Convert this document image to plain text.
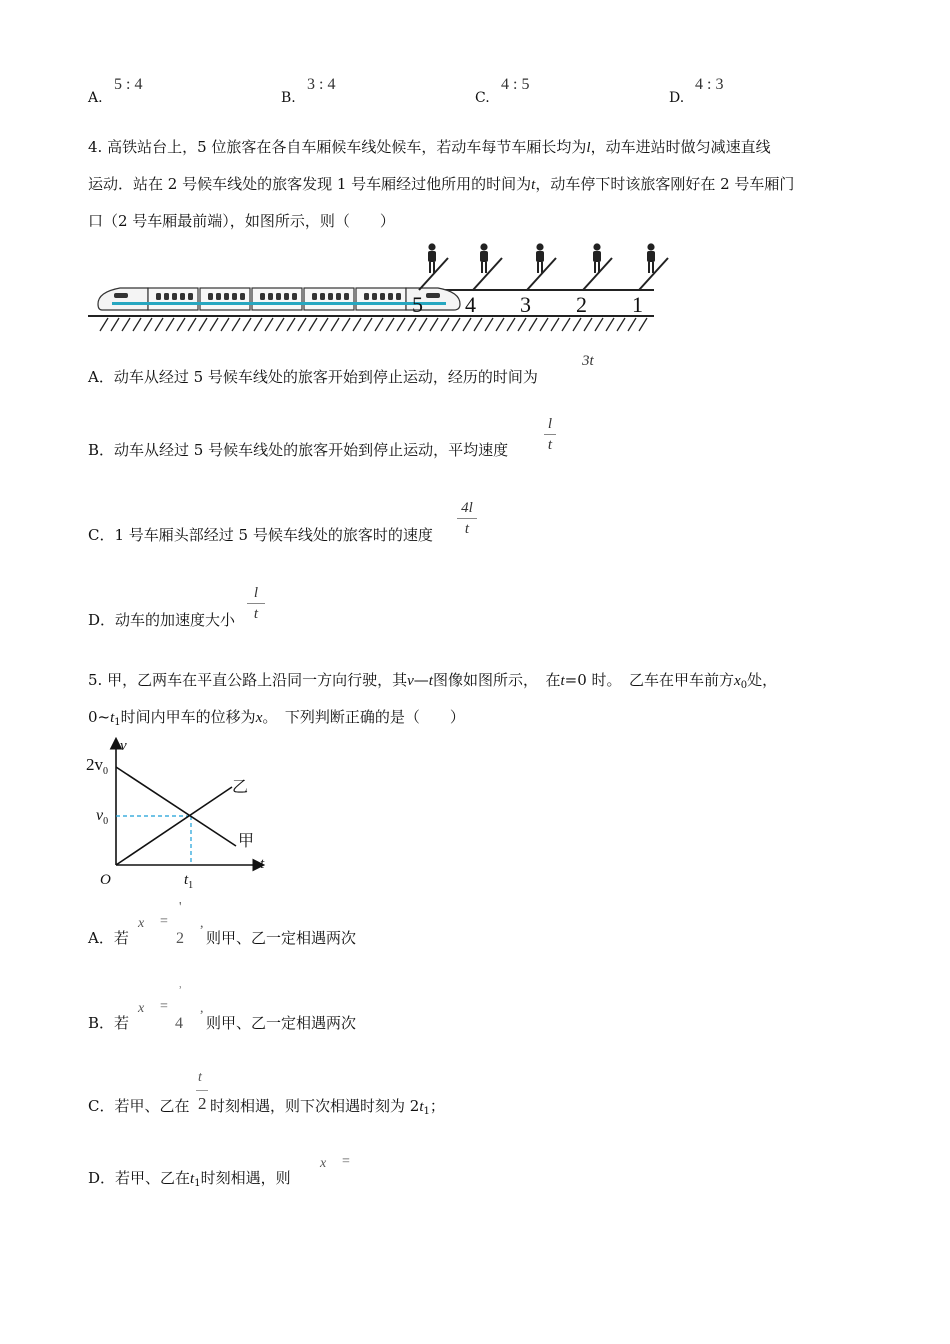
A.
5 : 4
B.
3 : 4
C.
4 : 5
D.
4 : 3
4. 高铁站台上，5 位旅客在各自车厢候车线处候车，若动车每节车厢长均为l，动车进站时做匀减速直线
运动．站在 2 号候车线处的旅客发现 1 号车厢经过他所用的时间为t，动车停下时该旅客刚好在 2 号车厢门
口（2 号车厢最前端），如图所示，则（　　）
5 4 3 2 1
A．动车从经过 5 号候车线处的旅客开始到停止运动，经历的时间为
3t
B．动车从经过 5 号候车线处的旅客开始到停止运动，平均速度
l
t
C．1 号车厢头部经过 5 号候车线处的旅客时的速度
4l
t
D．动车的加速度大小
l
t
5. 甲，乙两车在平直公路上沿同一方向行驶，其v—t图像如图所示，　在t=0 时。　乙车在甲车前方$x_0$处，
$0\sim t_1$时间内甲车的位移为x。　下列判断正确的是（　　）
v
t
O
$2v_0$
$v_0$
$t_1$
乙
甲
A．若
x =
'
2
,
则甲、乙一定相遇两次
B．若
x =
ʾ
4
,
则甲、乙一定相遇两次
C．若甲、乙在
t
2 时刻相遇，则下次相遇时刻为 $2t_1$；
D．若甲、乙在$t_1$时刻相遇，则
x =
